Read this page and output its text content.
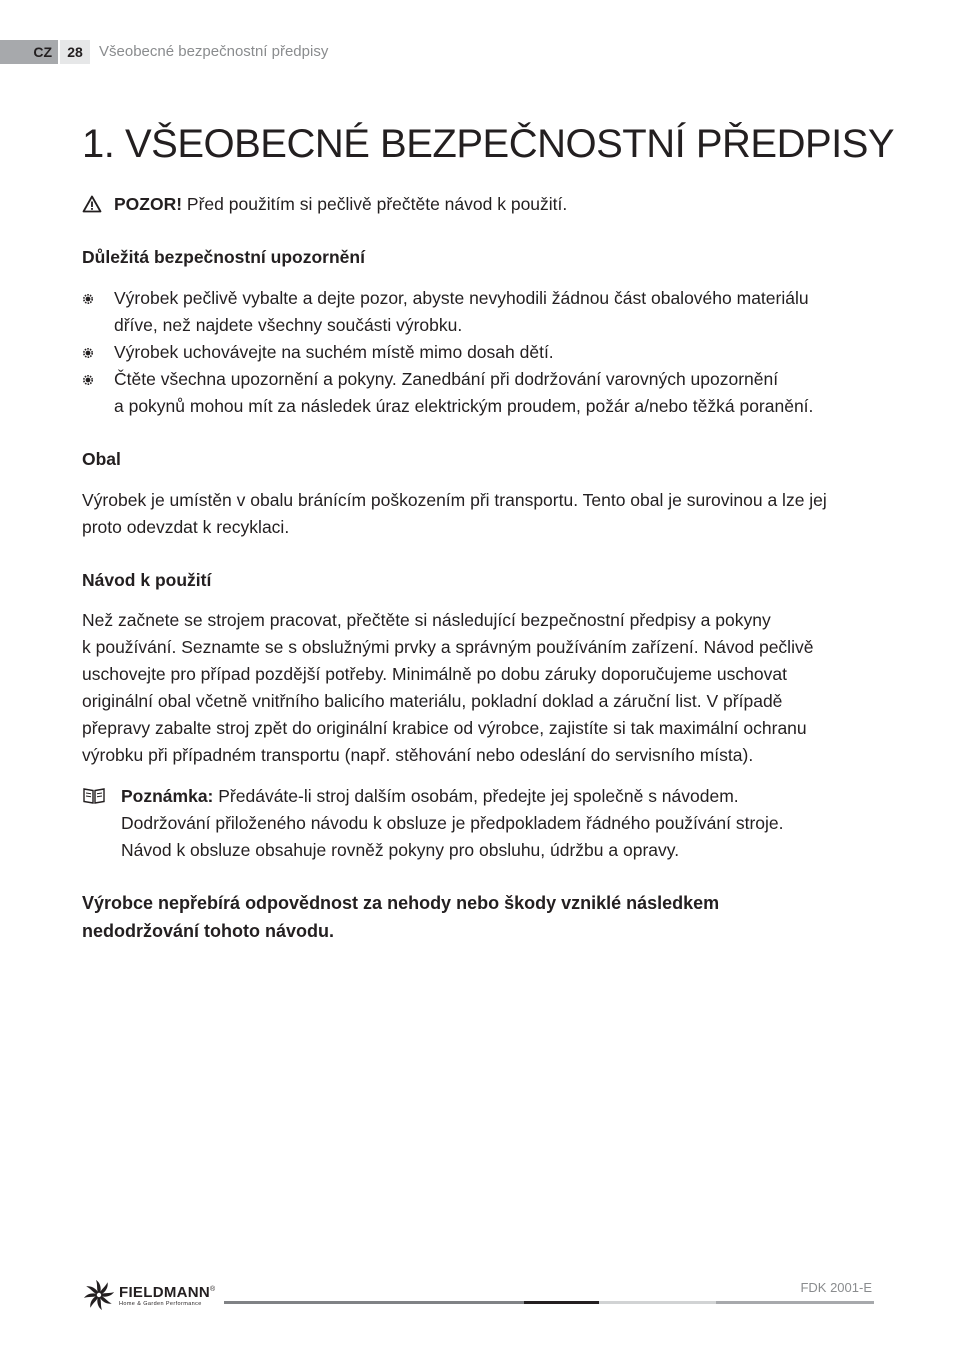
CZ	28	Všeobecné bezpečnostní předpisy
1. VŠEOBECNÉ BEZPEČNOSTNÍ PŘEDPISY
POZOR! Před použitím si pečlivě přečtěte návod k použití.
Důležitá bezpečnostní upozornění
Výrobek pečlivě vybalte a dejte pozor, abyste nevyhodili žádnou část obalového materiálu
dříve, než najdete všechny součásti výrobku.
Výrobek uchovávejte na suchém místě mimo dosah dětí.
Čtěte všechna upozornění a pokyny. Zanedbání při dodržování varovných upozornění
a pokynů mohou mít za následek úraz elektrickým proudem, požár a/nebo těžká poranění.
Obal

Výrobek je umístěn v obalu bránícím poškozením při transportu. Tento obal je surovinou a lze jej
proto odevzdat k recyklaci.

Návod k použití

Než začnete se strojem pracovat, přečtěte si následující bezpečnostní předpisy a pokyny
k používání. Seznamte se s obslužnými prvky a správným používáním zařízení. Návod pečlivě
uschovejte pro případ pozdější potřeby. Minimálně po dobu záruky doporučujeme uschovat
originální obal včetně vnitřního balicího materiálu, pokladní doklad a záruční list. V případě
přepravy zabalte stroj zpět do originální krabice od výrobce, zajistíte si tak maximální ochranu
výrobku při případném transportu (např. stěhování nebo odeslání do servisního místa).

Poznámka: Předáváte-li stroj dalším osobám, předejte jej společně s návodem.
Dodržování přiloženého návodu k obsluze je předpokladem řádného používání stroje.
Návod k obsluze obsahuje rovněž pokyny pro obsluhu, údržbu a opravy.

Výrobce nepřebírá odpovědnost za nehody nebo škody vzniklé následkem
nedodržování tohoto návodu.

FIELDMANN®
Home & Garden Performance
FDK 2001-E
